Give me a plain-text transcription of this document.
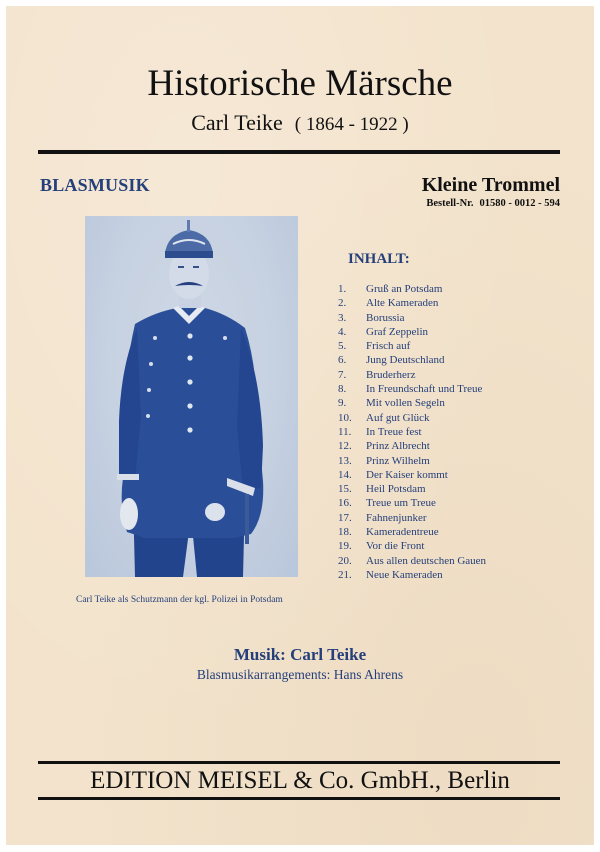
Historische Märsche
Carl Teike ( 1864 - 1922 )
BLASMUSIK	Kleine Trommel
Bestell-Nr. 01580 - 0012 - 594
Carl Teike als Schutzmann der kgl. Polizei in Potsdam
INHALT:
1.	Gruß an Potsdam
2.	Alte Kameraden
3.	Borussia
4.	Graf Zeppelin
5.	Frisch auf
6.	Jung Deutschland
7.	Bruderherz
8.	In Freundschaft und Treue
9.	Mit vollen Segeln
10.	Auf gut Glück
11.	In Treue fest
12.	Prinz Albrecht
13.	Prinz Wilhelm
14.	Der Kaiser kommt
15.	Heil Potsdam
16.	Treue um Treue
17.	Fahnenjunker
18.	Kameradentreue
19.	Vor die Front
20.	Aus allen deutschen Gauen
21.	Neue Kameraden
Musik: Carl Teike
Blasmusikarrangements: Hans Ahrens
EDITION MEISEL & Co. GmbH., Berlin
